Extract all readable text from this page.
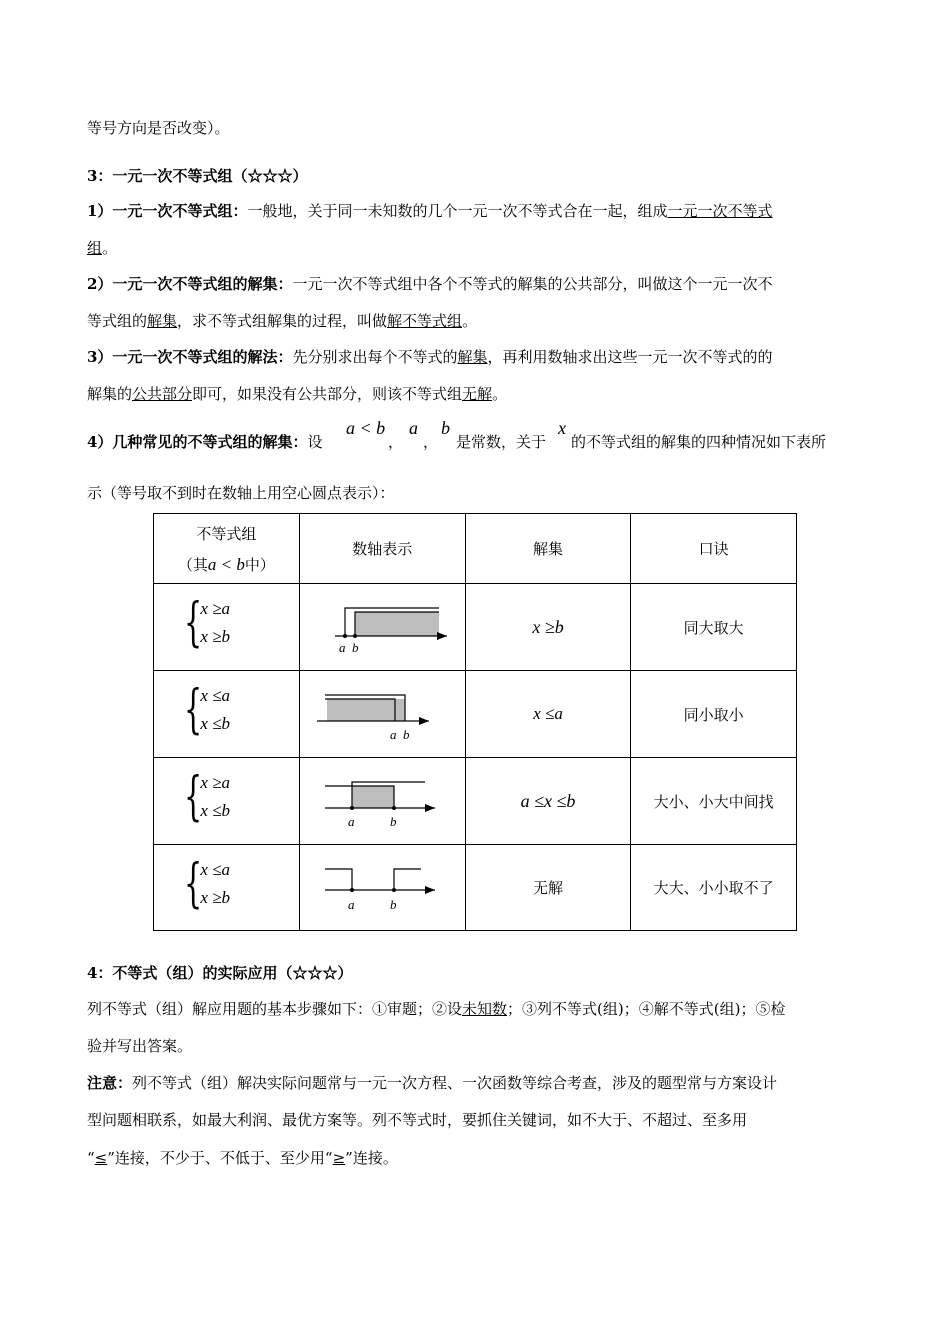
等号方向是否改变）。
3：一元一次不等式组（☆☆☆）
1）一元一次不等式组：一般地，关于同一未知数的几个一元一次不等式合在一起，组成一元一次不等式
组。
2）一元一次不等式组的解集：一元一次不等式组中各个不等式的解集的公共部分，叫做这个一元一次不
等式组的解集，求不等式组解集的过程，叫做解不等式组。
3）一元一次不等式组的解法：先分别求出每个不等式的解集，再利用数轴求出这些一元一次不等式的的
解集的公共部分即可，如果没有公共部分，则该不等式组无解。
4）几种常见的不等式组的解集：设
a < b
，
a
，
b
是常数，关于
x
的不等式组的解集的四种情况如下表所
示（等号取不到时在数轴上用空心圆点表示）：
不等式组
（其a < b中）	数轴表示	解集	口诀

{
x ≥a
x ≥b	a b	x ≥b	同大取大

{
x ≤a
x ≤b	a b	x ≤a	同小取小

{
x ≥a
x ≤b	a b	a ≤x ≤b	大小、小大中间找

{
x ≤a
x ≥b	a b	无解	大大、小小取不了
4：不等式（组）的实际应用（☆☆☆）
列不等式（组）解应用题的基本步骤如下：①审题；②设未知数；③列不等式(组)；④解不等式(组)；⑤检
验并写出答案。
注意：列不等式（组）解决实际问题常与一元一次方程、一次函数等综合考查，涉及的题型常与方案设计
型问题相联系，如最大利润、最优方案等。列不等式时，要抓住关键词，如不大于、不超过、至多用
“≤”连接，不少于、不低于、至少用“≥”连接。
